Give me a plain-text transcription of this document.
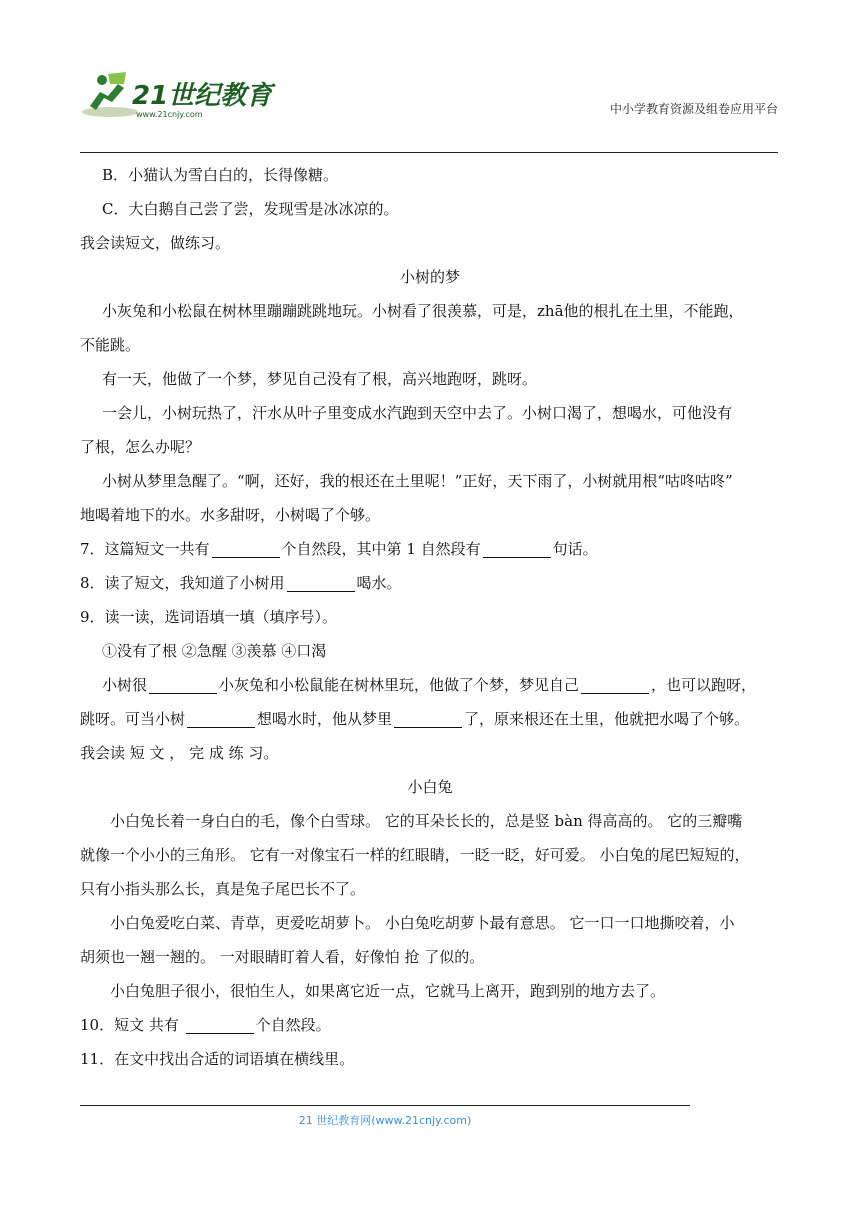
21世纪教育
www.21cnjy.com	中小学教育资源及组卷应用平台
B．小猫认为雪白白的，长得像糖。
C．大白鹅自己尝了尝，发现雪是冰冰凉的。
我会读短文，做练习。
小树的梦
小灰兔和小松鼠在树林里蹦蹦跳跳地玩。小树看了很羡慕，可是，zhā他的根扎在土里，不能跑，
不能跳。
有一天，他做了一个梦，梦见自己没有了根，高兴地跑呀，跳呀。
一会儿，小树玩热了，汗水从叶子里变成水汽跑到天空中去了。小树口渴了，想喝水，可他没有
了根，怎么办呢？
小树从梦里急醒了。“啊，还好，我的根还在土里呢！”正好，天下雨了，小树就用根“咕咚咕咚”
地喝着地下的水。水多甜呀，小树喝了个够。
7．这篇短文一共有	个自然段，其中第 1 自然段有	句话。
8．读了短文，我知道了小树用	喝水。
9．读一读，选词语填一填（填序号）。
①没有了根 ②急醒 ③羡慕 ④口渴
小树很	小灰兔和小松鼠能在树林里玩，他做了个梦，梦见自己	，也可以跑呀，
跳呀。可当小树	想喝水时，他从梦里	了，原来根还在土里，他就把水喝了个够。
我会读 短 文 ， 完 成 练 习。
小白兔
小白兔长着一身白白的毛，像个白雪球。 它的耳朵长长的，总是竖 bàn 得高高的。 它的三瓣嘴
就像一个小小的三角形。 它有一对像宝石一样的红眼睛，一眨一眨，好可爱。 小白兔的尾巴短短的，
只有小指头那么长，真是兔子尾巴长不了。
小白兔爱吃白菜、青草，更爱吃胡萝卜。 小白兔吃胡萝卜最有意思。 它一口一口地撕咬着，小
胡须也一翘一翘的。 一对眼睛盯着人看，好像怕 抢 了似的。
小白兔胆子很小，很怕生人，如果离它近一点，它就马上离开，跑到别的地方去了。
10．短文 共有	个自然段。
11．在文中找出合适的词语填在横线里。
21 世纪教育网(www.21cnjy.com)
